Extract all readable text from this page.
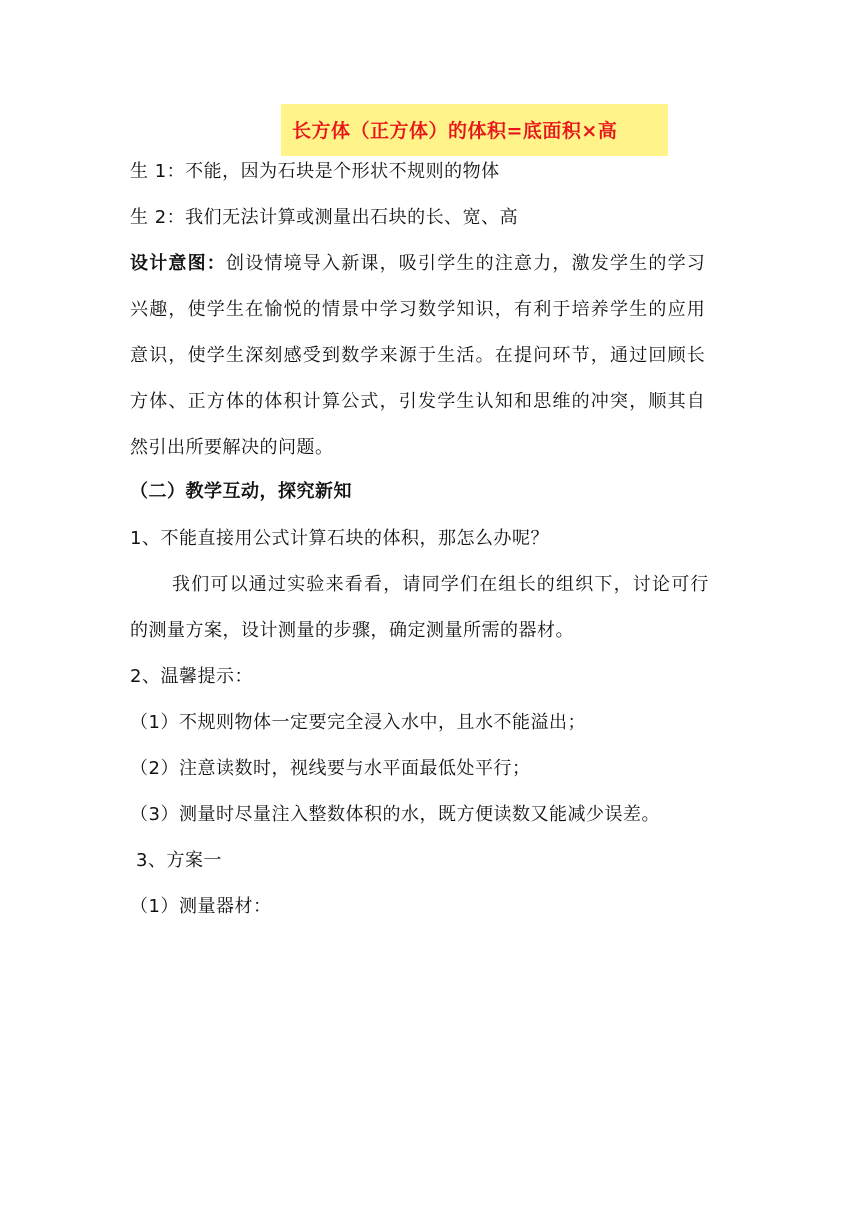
长方体（正方体）的体积=底面积×高
生 1：不能，因为石块是个形状不规则的物体
生 2：我们无法计算或测量出石块的长、宽、高
设计意图：创设情境导入新课，吸引学生的注意力，激发学生的学习
兴趣，使学生在愉悦的情景中学习数学知识，有利于培养学生的应用
意识，使学生深刻感受到数学来源于生活。在提问环节，通过回顾长
方体、正方体的体积计算公式，引发学生认知和思维的冲突，顺其自
然引出所要解决的问题。
（二）教学互动，探究新知
1、不能直接用公式计算石块的体积，那怎么办呢？
我们可以通过实验来看看，请同学们在组长的组织下，讨论可行
的测量方案，设计测量的步骤，确定测量所需的器材。
2、温馨提示：
（1）不规则物体一定要完全浸入水中，且水不能溢出；
（2）注意读数时，视线要与水平面最低处平行；
（3）测量时尽量注入整数体积的水，既方便读数又能减少误差。
3、方案一
（1）测量器材：
